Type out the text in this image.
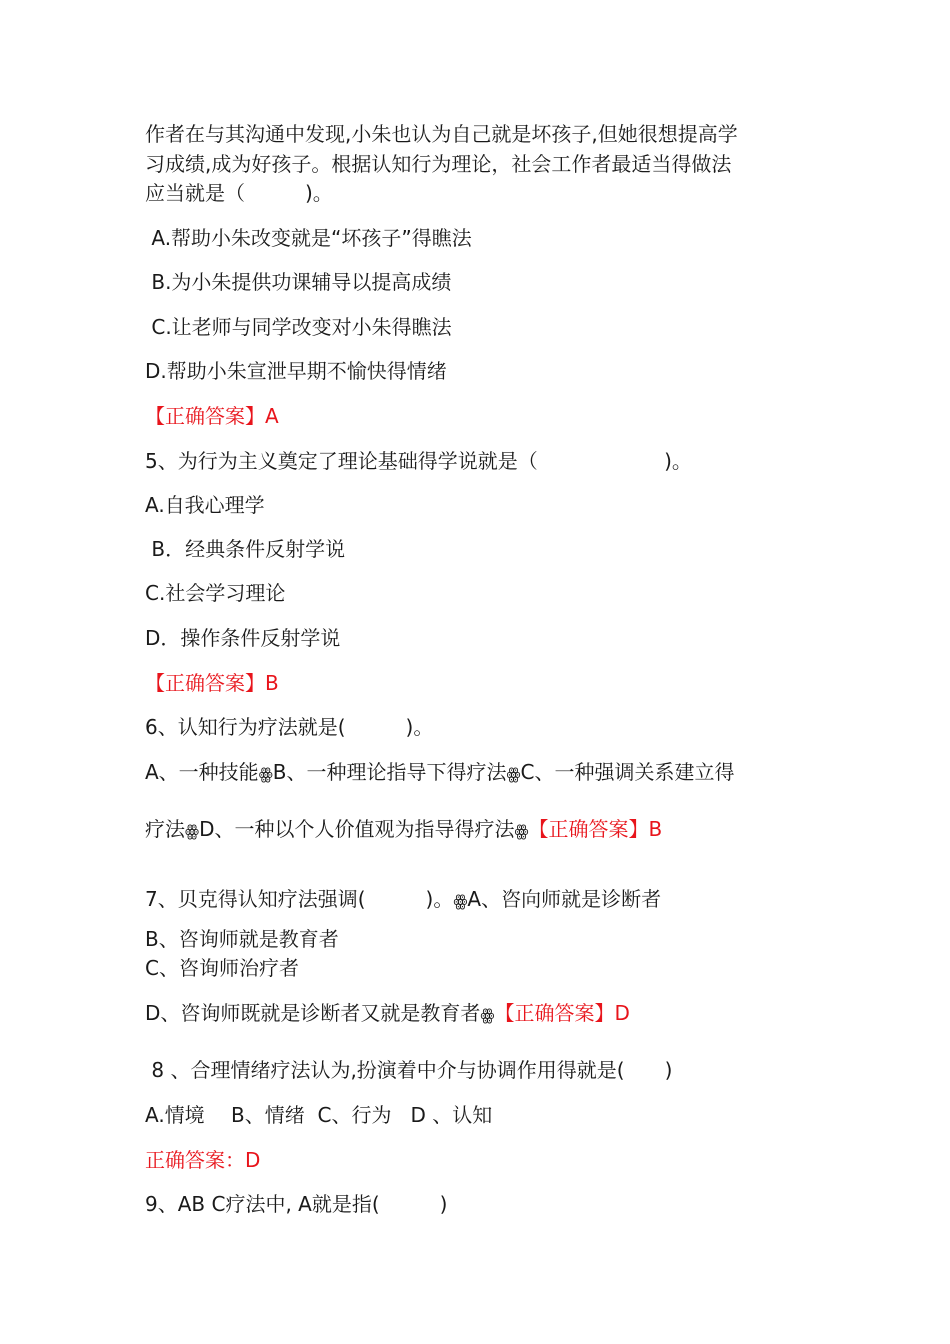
作者在与其沟通中发现,小朱也认为自己就是坏孩子,但她很想提高学
习成绩,成为好孩子。根据认知行为理论，社会工作者最适当得做法
应当就是（　　　)。
A.帮助小朱改变就是“坏孩子”得瞧法
B.为小朱提供功课辅导以提高成绩
C.让老师与同学改变对小朱得瞧法
D.帮助小朱宣泄早期不愉快得情绪
【正确答案】A
5、为行为主义奠定了理论基础得学说就是（　　　　　　 )。
A.自我心理学
B．经典条件反射学说
C.社会学习理论
D．操作条件反射学说
【正确答案】B
6、认知行为疗法就是(　　　)。
A、一种技能ꙮB、一种理论指导下得疗法ꙮC、一种强调关系建立得
疗法ꙮD、一种以个人价值观为指导得疗法ꙮ【正确答案】B
7、贝克得认知疗法强调(　　　)。ꙮA、咨向师就是诊断者
B、咨询师就是教育者
C、咨询师治疗者
D、咨询师既就是诊断者又就是教育者ꙮ【正确答案】D
8 、合理情绪疗法认为,扮演着中介与协调作用得就是(　　)
A.情境　 B、情绪  C、行为   D 、认知
正确答案：D
9、AB C疗法中, A就是指(　　　)
